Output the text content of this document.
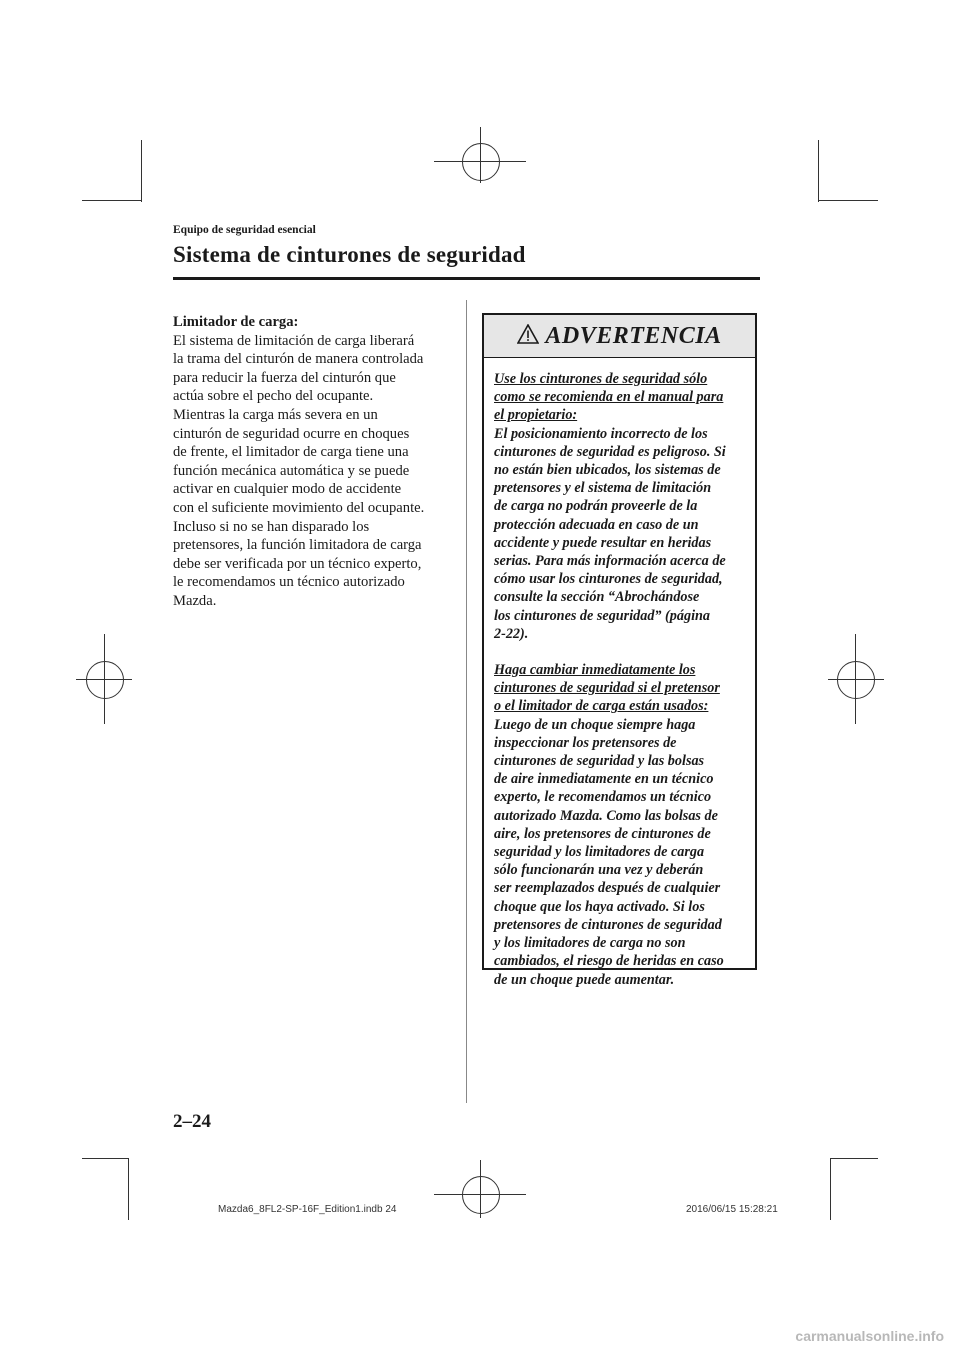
Equipo de seguridad esencial
Sistema de cinturones de seguridad
Limitador de carga:
El sistema de limitación de carga liberará
la trama del cinturón de manera controlada
para reducir la fuerza del cinturón que
actúa sobre el pecho del ocupante.
Mientras la carga más severa en un
cinturón de seguridad ocurre en choques
de frente, el limitador de carga tiene una
función mecánica automática y se puede
activar en cualquier modo de accidente
con el suficiente movimiento del ocupante.
Incluso si no se han disparado los
pretensores, la función limitadora de carga
debe ser verificada por un técnico experto,
le recomendamos un técnico autorizado
Mazda.
ADVERTENCIA

Use los cinturones de seguridad sólo

como se recomienda en el manual para

el propietario:

El posicionamiento incorrecto de los

cinturones de seguridad es peligroso. Si

no están bien ubicados, los sistemas de

pretensores y el sistema de limitación

de carga no podrán proveerle de la

protección adecuada en caso de un

accidente y puede resultar en heridas

serias. Para más información acerca de

cómo usar los cinturones de seguridad,

consulte la sección “Abrochándose

los cinturones de seguridad” (página

2-22).

Haga cambiar inmediatamente los

cinturones de seguridad si el pretensor

o el limitador de carga están usados:

Luego de un choque siempre haga

inspeccionar los pretensores de

cinturones de seguridad y las bolsas

de aire inmediatamente en un técnico

experto, le recomendamos un técnico

autorizado Mazda. Como las bolsas de

aire, los pretensores de cinturones de

seguridad y los limitadores de carga

sólo funcionarán una vez y deberán

ser reemplazados después de cualquier

choque que los haya activado. Si los

pretensores de cinturones de seguridad

y los limitadores de carga no son

cambiados, el riesgo de heridas en caso

de un choque puede aumentar.

2–24
Mazda6_8FL2-SP-16F_Edition1.indb 24	2016/06/15 15:28:21
carmanualsonline.info
